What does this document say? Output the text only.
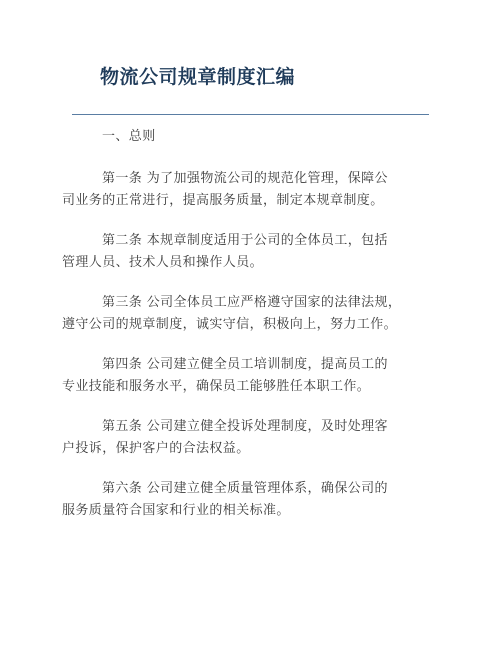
物流公司规章制度汇编
一、总则
第一条 为了加强物流公司的规范化管理，保障公
司业务的正常进行，提高服务质量，制定本规章制度。
第二条 本规章制度适用于公司的全体员工，包括
管理人员、技术人员和操作人员。
第三条 公司全体员工应严格遵守国家的法律法规，
遵守公司的规章制度，诚实守信，积极向上，努力工作。
第四条 公司建立健全员工培训制度，提高员工的
专业技能和服务水平，确保员工能够胜任本职工作。
第五条 公司建立健全投诉处理制度，及时处理客
户投诉，保护客户的合法权益。
第六条 公司建立健全质量管理体系，确保公司的
服务质量符合国家和行业的相关标准。
